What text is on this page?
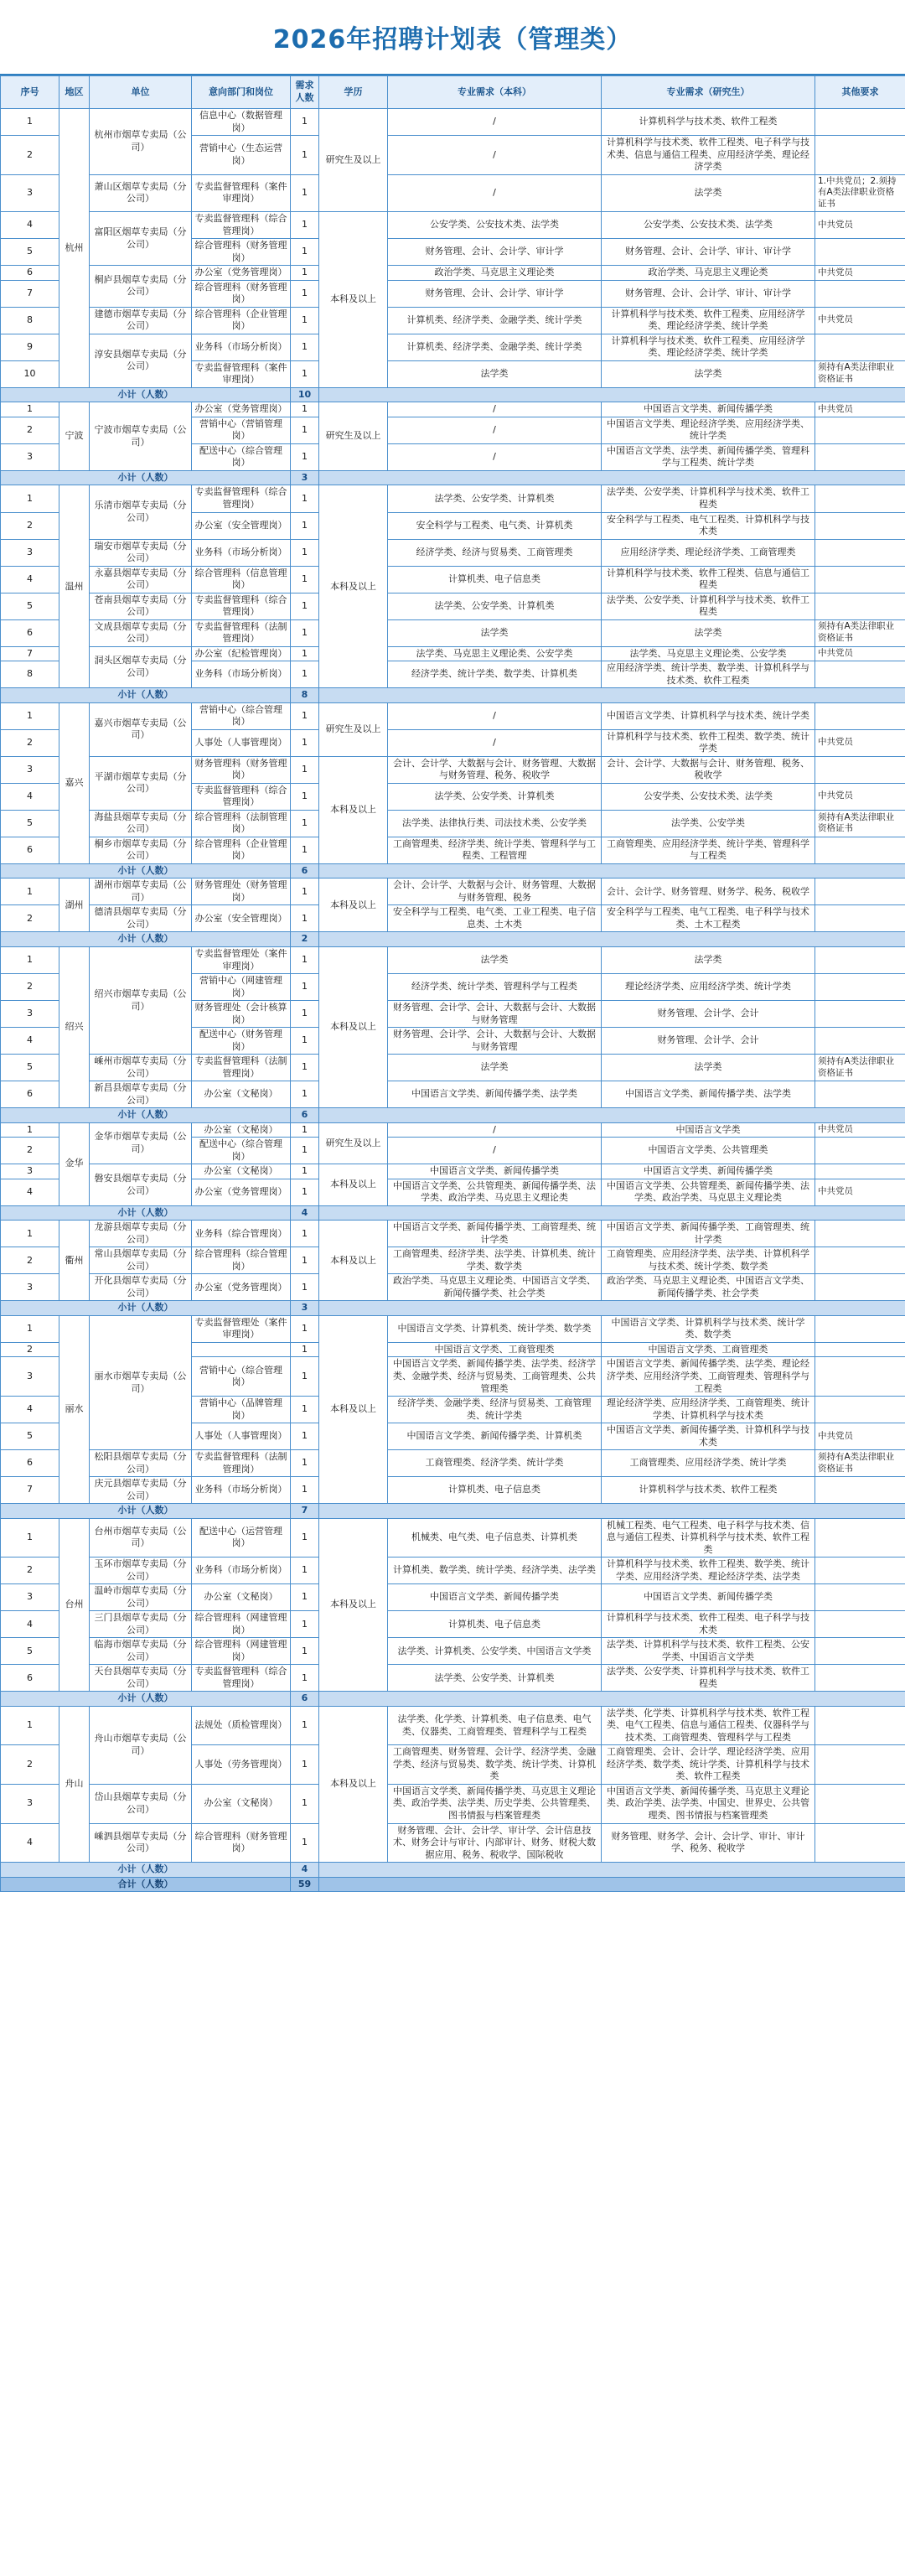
2026年招聘计划表（管理类）
序号	地区	单位	意向部门和岗位	需求人数	学历	专业需求（本科）	专业需求（研究生）	其他要求
1	杭州	杭州市烟草专卖局（公司）	信息中心（数据管理岗）	1	研究生及以上	/	计算机科学与技术类、软件工程类	
2			营销中心（生态运营岗）	1		/	计算机科学与技术类、软件工程类、电子科学与技术类、信息与通信工程类、应用经济学类、理论经济学类	
3		萧山区烟草专卖局（分公司）	专卖监督管理科（案件审理岗）	1		/	法学类	1.中共党员；2.须持有A类法律职业资格证书
4		富阳区烟草专卖局（分公司）	专卖监督管理科（综合管理岗）	1	本科及以上	公安学类、公安技术类、法学类	公安学类、公安技术类、法学类	中共党员
5			综合管理科（财务管理岗）	1		财务管理、会计、会计学、审计学	财务管理、会计、会计学、审计、审计学	
6		桐庐县烟草专卖局（分公司）	办公室（党务管理岗）	1		政治学类、马克思主义理论类	政治学类、马克思主义理论类	中共党员
7			综合管理科（财务管理岗）	1		财务管理、会计、会计学、审计学	财务管理、会计、会计学、审计、审计学	
8		建德市烟草专卖局（分公司）	综合管理科（企业管理岗）	1		计算机类、经济学类、金融学类、统计学类	计算机科学与技术类、软件工程类、应用经济学类、理论经济学类、统计学类	中共党员
9		淳安县烟草专卖局（分公司）	业务科（市场分析岗）	1		计算机类、经济学类、金融学类、统计学类	计算机科学与技术类、软件工程类、应用经济学类、理论经济学类、统计学类	
10			专卖监督管理科（案件审理岗）	1		法学类	法学类	须持有A类法律职业资格证书
小计（人数）				10				
1	宁波	宁波市烟草专卖局（公司）	办公室（党务管理岗）	1	研究生及以上	/	中国语言文学类、新闻传播学类	中共党员
2			营销中心（营销管理岗）	1		/	中国语言文学类、理论经济学类、应用经济学类、统计学类	
3			配送中心（综合管理岗）	1		/	中国语言文学类、法学类、新闻传播学类、管理科学与工程类、统计学类	
小计（人数）				3				
1	温州	乐清市烟草专卖局（分公司）	专卖监督管理科（综合管理岗）	1	本科及以上	法学类、公安学类、计算机类	法学类、公安学类、计算机科学与技术类、软件工程类	
2			办公室（安全管理岗）	1		安全科学与工程类、电气类、计算机类	安全科学与工程类、电气工程类、计算机科学与技术类	
3		瑞安市烟草专卖局（分公司）	业务科（市场分析岗）	1		经济学类、经济与贸易类、工商管理类	应用经济学类、理论经济学类、工商管理类	
4		永嘉县烟草专卖局（分公司）	综合管理科（信息管理岗）	1		计算机类、电子信息类	计算机科学与技术类、软件工程类、信息与通信工程类	
5		苍南县烟草专卖局（分公司）	专卖监督管理科（综合管理岗）	1		法学类、公安学类、计算机类	法学类、公安学类、计算机科学与技术类、软件工程类	
6		文成县烟草专卖局（分公司）	专卖监督管理科（法制管理岗）	1		法学类	法学类	须持有A类法律职业资格证书
7		洞头区烟草专卖局（分公司）	办公室（纪检管理岗）	1		法学类、马克思主义理论类、公安学类	法学类、马克思主义理论类、公安学类	中共党员
8			业务科（市场分析岗）	1		经济学类、统计学类、数学类、计算机类	应用经济学类、统计学类、数学类、计算机科学与技术类、软件工程类	
小计（人数）				8				
1	嘉兴	嘉兴市烟草专卖局（公司）	营销中心（综合管理岗）	1	研究生及以上	/	中国语言文学类、计算机科学与技术类、统计学类	
2			人事处（人事管理岗）	1		/	计算机科学与技术类、软件工程类、数学类、统计学类	中共党员
3		平湖市烟草专卖局（分公司）	财务管理科（财务管理岗）	1	本科及以上	会计、会计学、大数据与会计、财务管理、大数据与财务管理、税务、税收学	会计、会计学、大数据与会计、财务管理、税务、税收学	
4			专卖监督管理科（综合管理岗）	1		法学类、公安学类、计算机类	公安学类、公安技术类、法学类	中共党员
5		海盐县烟草专卖局（分公司）	综合管理科（法制管理岗）	1		法学类、法律执行类、司法技术类、公安学类	法学类、公安学类	须持有A类法律职业资格证书
6		桐乡市烟草专卖局（分公司）	综合管理科（企业管理岗）	1		工商管理类、经济学类、统计学类、管理科学与工程类、工程管理	工商管理类、应用经济学类、统计学类、管理科学与工程类	
小计（人数）				6				
1	湖州	湖州市烟草专卖局（公司）	财务管理处（财务管理岗）	1	本科及以上	会计、会计学、大数据与会计、财务管理、大数据与财务管理、税务	会计、会计学、财务管理、财务学、税务、税收学	
2		德清县烟草专卖局（分公司）	办公室（安全管理岗）	1		安全科学与工程类、电气类、工业工程类、电子信息类、土木类	安全科学与工程类、电气工程类、电子科学与技术类、土木工程类	
小计（人数）				2				
1	绍兴	绍兴市烟草专卖局（公司）	专卖监督管理处（案件审理岗）	1	本科及以上	法学类	法学类	
2			营销中心（网建管理岗）	1		经济学类、统计学类、管理科学与工程类	理论经济学类、应用经济学类、统计学类	
3			财务管理处（会计核算岗）	1		财务管理、会计学、会计、大数据与会计、大数据与财务管理	财务管理、会计学、会计	
4			配送中心（财务管理岗）	1		财务管理、会计学、会计、大数据与会计、大数据与财务管理	财务管理、会计学、会计	
5		嵊州市烟草专卖局（分公司）	专卖监督管理科（法制管理岗）	1		法学类	法学类	须持有A类法律职业资格证书
6		新昌县烟草专卖局（分公司）	办公室（文秘岗）	1		中国语言文学类、新闻传播学类、法学类	中国语言文学类、新闻传播学类、法学类	
小计（人数）				6				
1	金华	金华市烟草专卖局（公司）	办公室（文秘岗）	1	研究生及以上	/	中国语言文学类	中共党员
2			配送中心（综合管理岗）	1		/	中国语言文学类、公共管理类	
3		磐安县烟草专卖局（分公司）	办公室（文秘岗）	1	本科及以上	中国语言文学类、新闻传播学类	中国语言文学类、新闻传播学类	
4			办公室（党务管理岗）	1		中国语言文学类、公共管理类、新闻传播学类、法学类、政治学类、马克思主义理论类	中国语言文学类、公共管理类、新闻传播学类、法学类、政治学类、马克思主义理论类	中共党员
小计（人数）				4				
1	衢州	龙游县烟草专卖局（分公司）	业务科（综合管理岗）	1	本科及以上	中国语言文学类、新闻传播学类、工商管理类、统计学类	中国语言文学类、新闻传播学类、工商管理类、统计学类	
2		常山县烟草专卖局（分公司）	综合管理科（综合管理岗）	1		工商管理类、经济学类、法学类、计算机类、统计学类、数学类	工商管理类、应用经济学类、法学类、计算机科学与技术类、统计学类、数学类	
3		开化县烟草专卖局（分公司）	办公室（党务管理岗）	1		政治学类、马克思主义理论类、中国语言文学类、新闻传播学类、社会学类	政治学类、马克思主义理论类、中国语言文学类、新闻传播学类、社会学类	
小计（人数）				3				
1	丽水	丽水市烟草专卖局（公司）	专卖监督管理处（案件审理岗）	1	本科及以上	中国语言文学类、计算机类、统计学类、数学类	中国语言文学类、计算机科学与技术类、统计学类、数学类	
2				1		中国语言文学类、工商管理类	中国语言文学类、工商管理类	
3			营销中心（综合管理岗）	1		中国语言文学类、新闻传播学类、法学类、经济学类、金融学类、经济与贸易类、工商管理类、公共管理类	中国语言文学类、新闻传播学类、法学类、理论经济学类、应用经济学类、工商管理类、管理科学与工程类	
4			营销中心（品牌管理岗）	1		经济学类、金融学类、经济与贸易类、工商管理类、统计学类	理论经济学类、应用经济学类、工商管理类、统计学类、计算机科学与技术类	
5			人事处（人事管理岗）	1		中国语言文学类、新闻传播学类、计算机类	中国语言文学类、新闻传播学类、计算机科学与技术类	中共党员
6		松阳县烟草专卖局（分公司）	专卖监督管理科（法制管理岗）	1		工商管理类、经济学类、统计学类	工商管理类、应用经济学类、统计学类	须持有A类法律职业资格证书
7		庆元县烟草专卖局（分公司）	业务科（市场分析岗）	1		计算机类、电子信息类	计算机科学与技术类、软件工程类	
小计（人数）				7				
1	台州	台州市烟草专卖局（公司）	配送中心（运营管理岗）	1	本科及以上	机械类、电气类、电子信息类、计算机类	机械工程类、电气工程类、电子科学与技术类、信息与通信工程类、计算机科学与技术类、软件工程类	
2		玉环市烟草专卖局（分公司）	业务科（市场分析岗）	1		计算机类、数学类、统计学类、经济学类、法学类	计算机科学与技术类、软件工程类、数学类、统计学类、应用经济学类、理论经济学类、法学类	
3		温岭市烟草专卖局（分公司）	办公室（文秘岗）	1		中国语言文学类、新闻传播学类	中国语言文学类、新闻传播学类	
4		三门县烟草专卖局（分公司）	综合管理科（网建管理岗）	1		计算机类、电子信息类	计算机科学与技术类、软件工程类、电子科学与技术类	
5		临海市烟草专卖局（分公司）	综合管理科（网建管理岗）	1		法学类、计算机类、公安学类、中国语言文学类	法学类、计算机科学与技术类、软件工程类、公安学类、中国语言文学类	
6		天台县烟草专卖局（分公司）	专卖监督管理科（综合管理岗）	1		法学类、公安学类、计算机类	法学类、公安学类、计算机科学与技术类、软件工程类	
小计（人数）				6				
1	舟山	舟山市烟草专卖局（公司）	法规处（质检管理岗）	1	本科及以上	法学类、化学类、计算机类、电子信息类、电气类、仪器类、工商管理类、管理科学与工程类	法学类、化学类、计算机科学与技术类、软件工程类、电气工程类、信息与通信工程类、仪器科学与技术类、工商管理类、管理科学与工程类	
2			人事处（劳务管理岗）	1		工商管理类、财务管理、会计学、经济学类、金融学类、经济与贸易类、数学类、统计学类、计算机类	工商管理类、会计、会计学、理论经济学类、应用经济学类、数学类、统计学类、计算机科学与技术类、软件工程类	
3		岱山县烟草专卖局（分公司）	办公室（文秘岗）	1		中国语言文学类、新闻传播学类、马克思主义理论类、政治学类、法学类、历史学类、公共管理类、图书情报与档案管理类	中国语言文学类、新闻传播学类、马克思主义理论类、政治学类、法学类、中国史、世界史、公共管理类、图书情报与档案管理类	
4		嵊泗县烟草专卖局（分公司）	综合管理科（财务管理岗）	1		财务管理、会计、会计学、审计学、会计信息技术、财务会计与审计、内部审计、财务、财税大数据应用、税务、税收学、国际税收	财务管理、财务学、会计、会计学、审计、审计学、税务、税收学	
小计（人数）				4				
合计（人数）				59				
